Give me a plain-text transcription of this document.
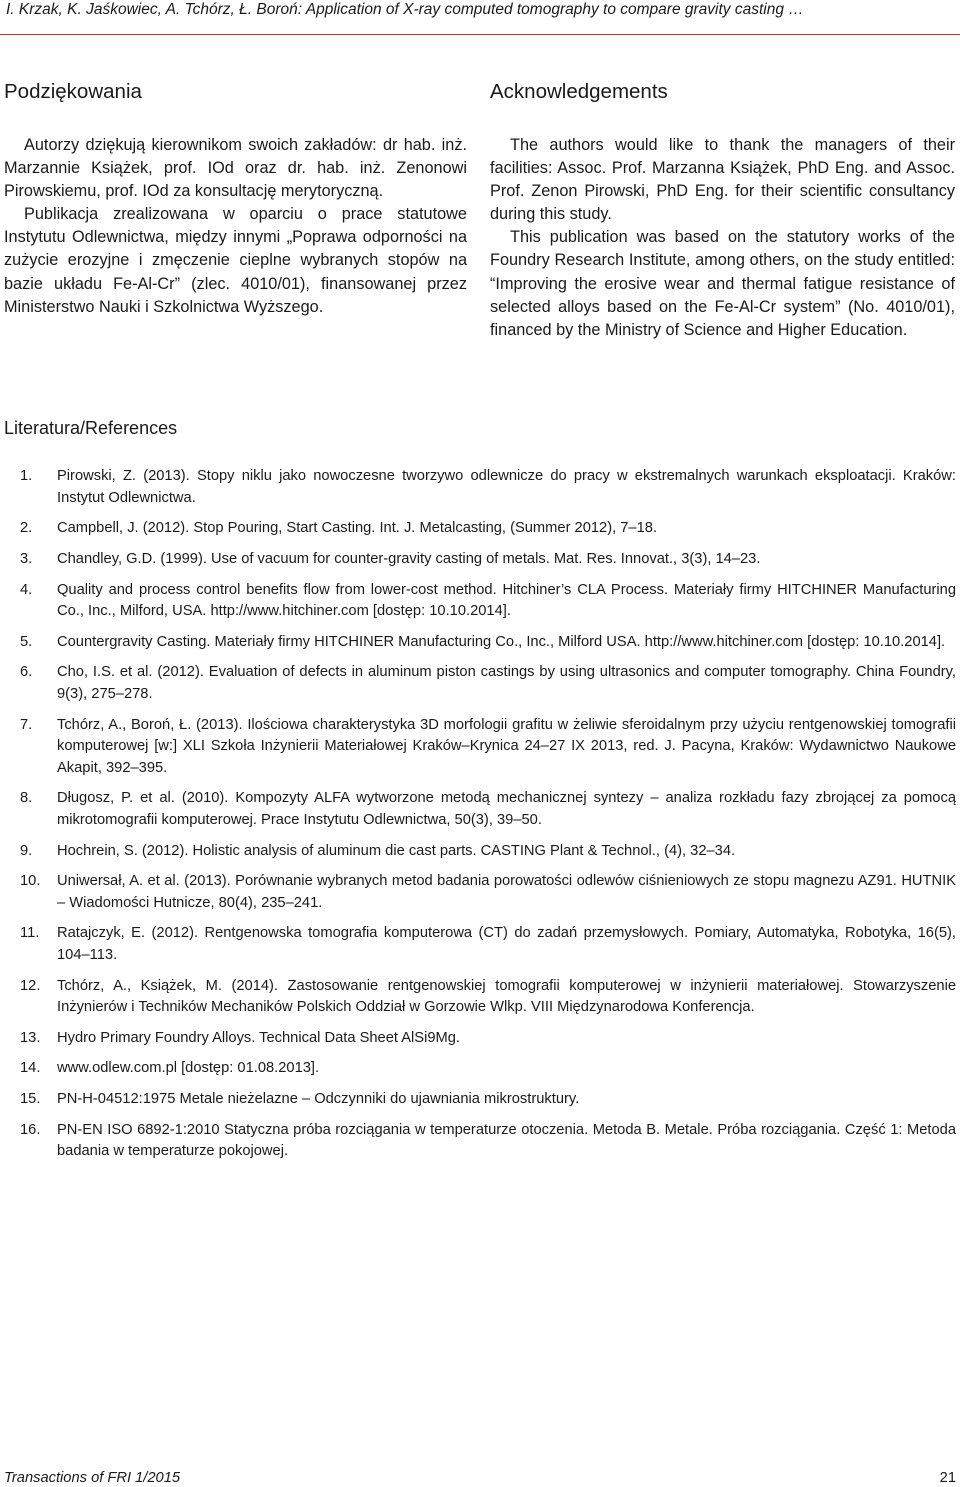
I. Krzak, K. Jaśkowiec, A. Tchórz, Ł. Boroń: Application of X-ray computed tomography to compare gravity casting …
Podziękowania

Autorzy dziękują kierownikom swoich zakładów: dr hab. inż. Marzannie Książek, prof. IOd oraz dr. hab. inż. Zenonowi Pirowskiemu, prof. IOd za konsultację merytoryczną.

Publikacja zrealizowana w oparciu o prace statutowe Instytutu Odlewnictwa, między innymi „Poprawa odporności na zużycie erozyjne i zmęczenie cieplne wybranych stopów na bazie układu Fe-Al-Cr” (zlec. 4010/01), finansowanej przez Ministerstwo Nauki i Szkolnictwa Wyższego.

Acknowledgements

The authors would like to thank the managers of their facilities: Assoc. Prof. Marzanna Książek, PhD Eng. and Assoc. Prof. Zenon Pirowski, PhD Eng. for their scientific consultancy during this study.

This publication was based on the statutory works of the Foundry Research Institute, among others, on the study entitled: “Improving the erosive wear and thermal fatigue resistance of selected alloys based on the Fe-Al-Cr system” (No. 4010/01), financed by the Ministry of Science and Higher Education.

Literatura/References
1. Pirowski, Z. (2013). Stopy niklu jako nowoczesne tworzywo odlewnicze do pracy w ekstremalnych warunkach eksploatacji. Kraków: Instytut Odlewnictwa.
2. Campbell, J. (2012). Stop Pouring, Start Casting. Int. J. Metalcasting, (Summer 2012), 7–18.
3. Chandley, G.D. (1999). Use of vacuum for counter-gravity casting of metals. Mat. Res. Innovat., 3(3), 14–23.
4. Quality and process control benefits flow from lower-cost method. Hitchiner’s CLA Process. Materiały firmy HITCHINER Manufacturing Co., Inc., Milford, USA. http://www.hitchiner.com [dostęp: 10.10.2014].
5. Countergravity Casting. Materiały firmy HITCHINER Manufacturing Co., Inc., Milford USA. http://www.hitchiner.com [dostęp: 10.10.2014].
6. Cho, I.S. et al. (2012). Evaluation of defects in aluminum piston castings by using ultrasonics and computer tomography. China Foundry, 9(3), 275–278.
7. Tchórz, A., Boroń, Ł. (2013). Ilościowa charakterystyka 3D morfologii grafitu w żeliwie sferoidalnym przy użyciu rentgenowskiej tomografii komputerowej [w:] XLI Szkoła Inżynierii Materiałowej Kraków–Krynica 24–27 IX 2013, red. J. Pacyna, Kraków: Wydawnictwo Naukowe Akapit, 392–395.
8. Długosz, P. et al. (2010). Kompozyty ALFA wytworzone metodą mechanicznej syntezy – analiza rozkładu fazy zbrojącej za pomocą mikrotomografii komputerowej. Prace Instytutu Odlewnictwa, 50(3), 39–50.
9. Hochrein, S. (2012). Holistic analysis of aluminum die cast parts. CASTING Plant & Technol., (4), 32–34.
10. Uniwersał, A. et al. (2013). Porównanie wybranych metod badania porowatości odlewów ciśnieniowych ze stopu magnezu AZ91. HUTNIK – Wiadomości Hutnicze, 80(4), 235–241.
11. Ratajczyk, E. (2012). Rentgenowska tomografia komputerowa (CT) do zadań przemysłowych. Pomiary, Automatyka, Robotyka, 16(5), 104–113.
12. Tchórz, A., Książek, M. (2014). Zastosowanie rentgenowskiej tomografii komputerowej w inżynierii materiałowej. Stowarzyszenie Inżynierów i Techników Mechaników Polskich Oddział w Gorzowie Wlkp. VIII Międzynarodowa Konferencja.
13. Hydro Primary Foundry Alloys. Technical Data Sheet AlSi9Mg.
14. www.odlew.com.pl [dostęp: 01.08.2013].
15. PN-H-04512:1975 Metale nieżelazne – Odczynniki do ujawniania mikrostruktury.
16. PN-EN ISO 6892-1:2010 Statyczna próba rozciągania w temperaturze otoczenia. Metoda B. Metale. Próba rozciągania. Część 1: Metoda badania w temperaturze pokojowej.
Transactions of FRI 1/2015	21
